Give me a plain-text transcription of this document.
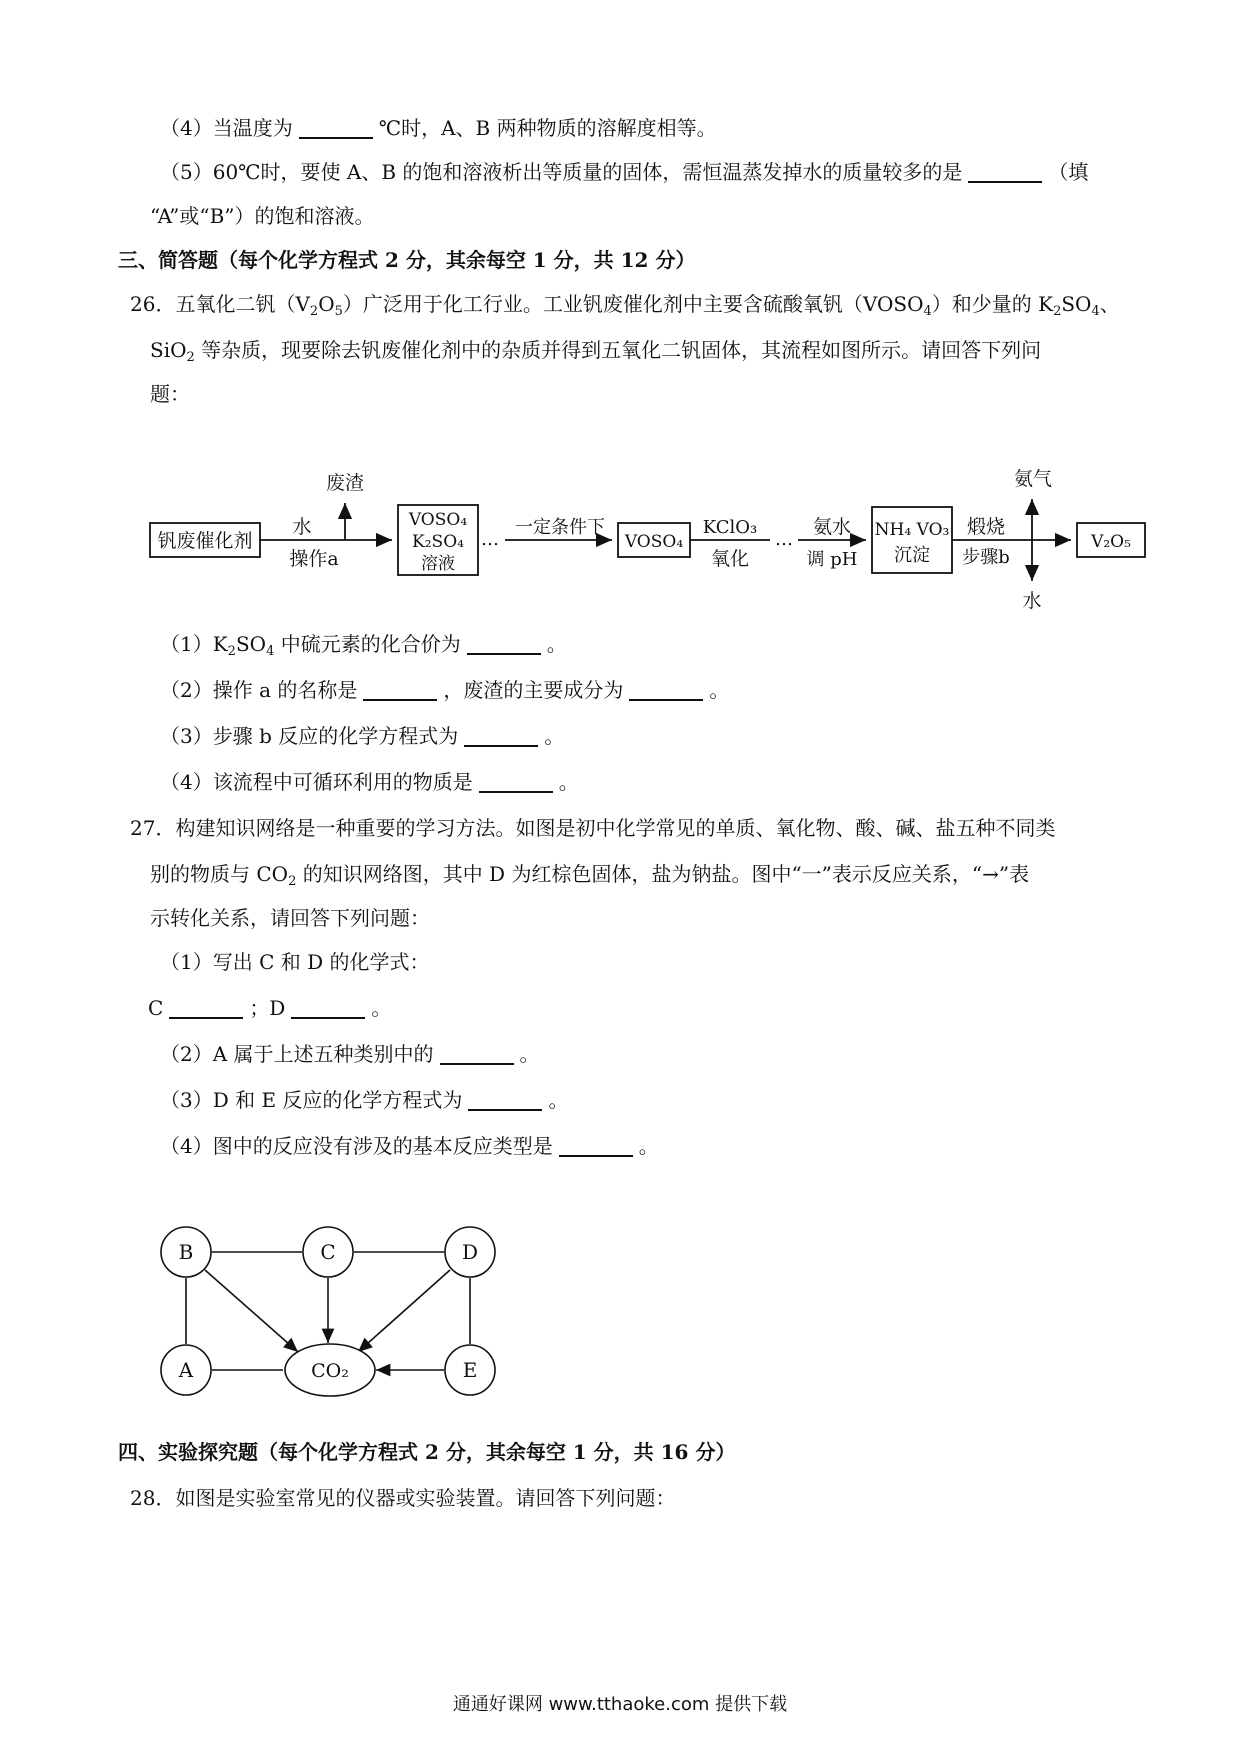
（4）当温度为	℃时，A、B 两种物质的溶解度相等。
（5）60℃时，要使 A、B 的饱和溶液析出等质量的固体，需恒温蒸发掉水的质量较多的是	（填
“A”或“B”）的饱和溶液。
三、简答题（每个化学方程式 2 分，其余每空 1 分，共 12 分）
26．五氧化二钒$(V_2O_5)$广泛用于化工行业。工业钒废催化剂中主要含硫酸氧钒$(VOSO_4)$和少量的 $K_2SO_4$、
SiO$_2$ 等杂质，现要除去钒废催化剂中的杂质并得到五氧化二钒固体，其流程如图所示。请回答下列问
题：
钒废催化剂
废渣
水
操作a
VOSO₄
K₂SO₄
溶液
…
一定条件下
VOSO₄
KClO₃
氧化
…
氨水
调 pH
NH₄ VO₃
沉淀
煅烧
步骤b
氨气
水
V₂O₅
$(1)K_2SO_4$ 中硫元素的化合价为	。
（2）操作 a 的名称是	，废渣的主要成分为	。
（3）步骤 b 反应的化学方程式为	。
（4）该流程中可循环利用的物质是	。
27．构建知识网络是一种重要的学习方法。如图是初中化学常见的单质、氧化物、酸、碱、盐五种不同类
别的物质与 $CO_2$ 的知识网络图，其中 D 为红棕色固体，盐为钠盐。图中“一”表示反应关系，“→”表
示转化关系，请回答下列问题：
（1）写出 C 和 D 的化学式：
C	；D	。
（2）A 属于上述五种类别中的	。
（3）D 和 E 反应的化学方程式为	。
（4）图中的反应没有涉及的基本反应类型是	。
B	C	D
A	E
CO₂
四、实验探究题（每个化学方程式 2 分，其余每空 1 分，共 16 分）
28．如图是实验室常见的仪器或实验装置。请回答下列问题：
通通好课网 www.tthaoke.com 提供下载
